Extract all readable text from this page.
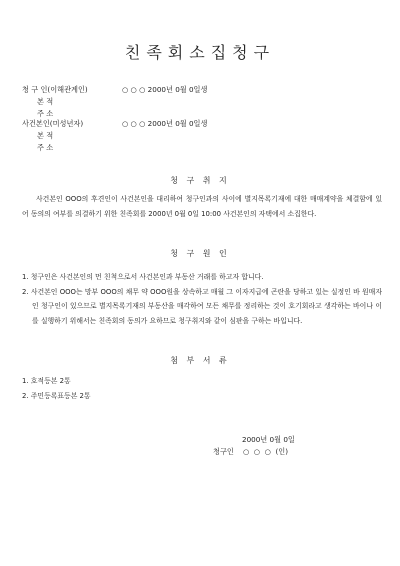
친족회소집청구
청 구 인(이해관계인)	○ ○ ○ 2000년 0월 0일생
본 적
주 소
사건본인(미성년자)	○ ○ ○ 2000년 0월 0일생
본 적
주 소
청 구 취 지
사건본인 OOO의 후견인이 사건본인을 대리하여 청구인과의 사이에 별지목록기재에 대한 매매계약을 체결함에 있어 동의의 여부를 의결하기 위한 친족회를 2000년 0월 0일 10:00 사건본인의 자택에서 소집한다.
청 구 원 인
1. 청구인은 사건본인의 먼 친척으로서 사건본인과 부동산 거래를 하고자 합니다.
2. 사건본인 OOO는 망부 OOO의 채무 약 OOO원을 상속하고 매월 그 이자지급에 곤란을 당하고 있는 실정인 바 원매자인 청구인이 있으므로 별지목록기재의 부동산을 매각하여 모든 채무를 정리하는 것이 호기회라고 생각하는 바이나 이를 실행하기 위해서는 친족회의 동의가 요하므로 청구취지와 같이 심판을 구하는 바입니다.
첨 부 서 류
1. 호적등본 2통
2. 주민등록표등본 2통
2000년 0월 0일
청구인    ○  ○  ○  (인)
